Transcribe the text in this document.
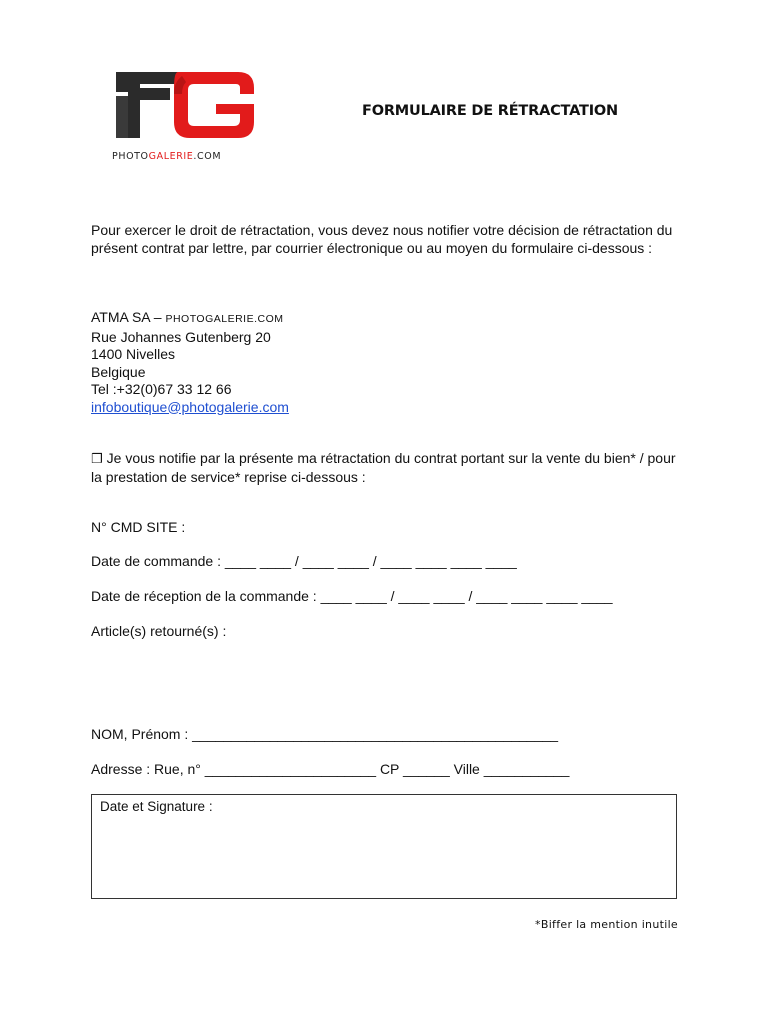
PHOTOGALERIE.COM
FORMULAIRE DE RÉTRACTATION
Pour exercer le droit de rétractation, vous devez nous notifier votre décision de rétractation du présent contrat par lettre, par courrier électronique ou au moyen du formulaire ci-dessous :
ATMA SA – PHOTOGALERIE.COM
Rue Johannes Gutenberg 20
1400 Nivelles
Belgique
Tel :+32(0)67 33 12 66
infoboutique@photogalerie.com
❒ Je vous notifie par la présente ma rétractation du contrat portant sur la vente du bien* / pour la prestation de service* reprise ci-dessous :
N° CMD SITE :
Date de commande : ____ ____ / ____ ____ / ____ ____ ____ ____
Date de réception de la commande : ____ ____ / ____ ____ / ____ ____ ____ ____
Article(s) retourné(s) :
NOM, Prénom : _______________________________________________
Adresse : Rue, n° ______________________ CP ______ Ville ___________
Date et Signature :
*Biffer la mention inutile
